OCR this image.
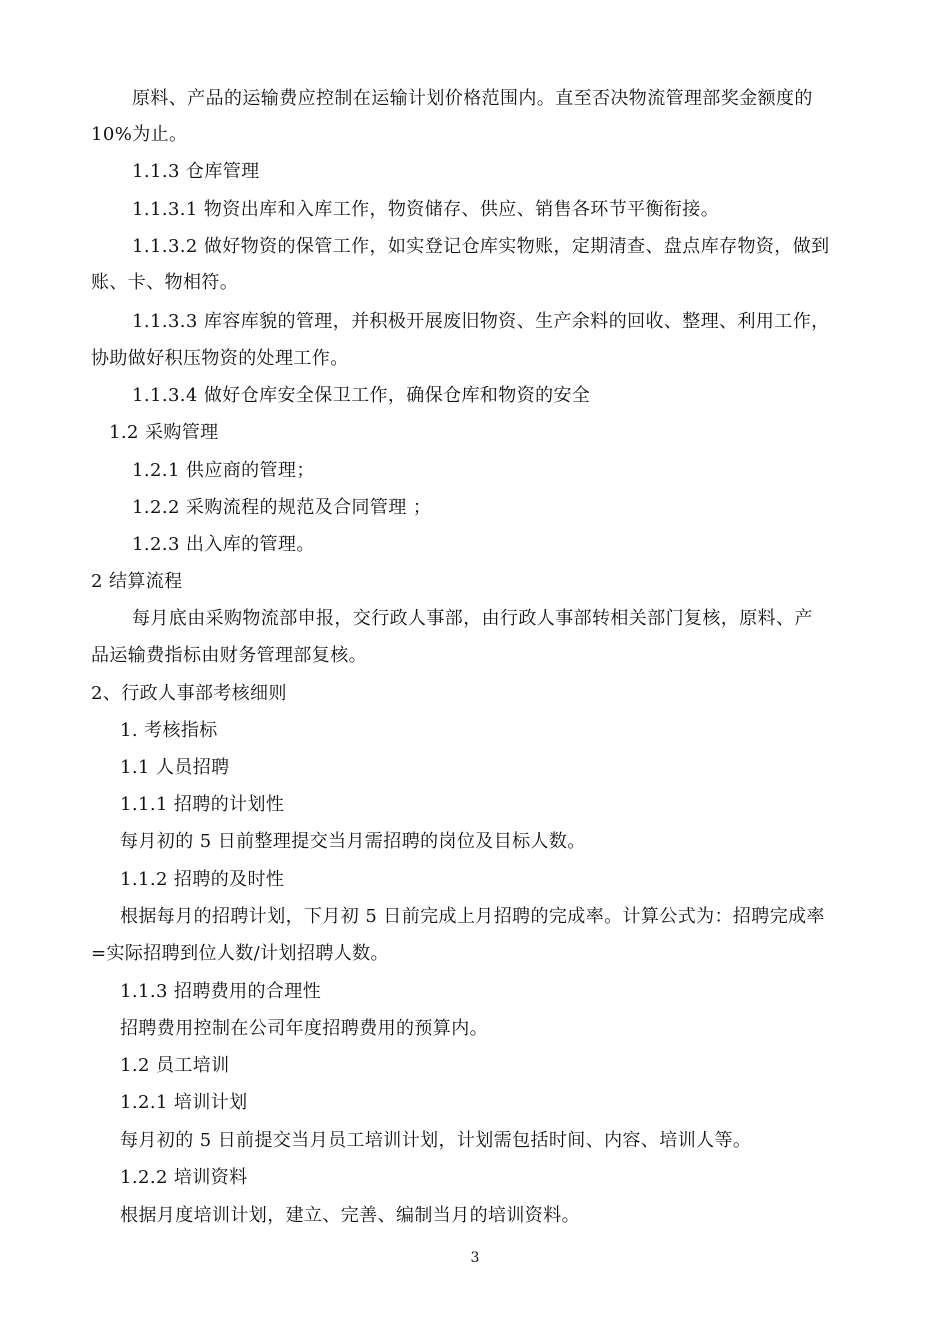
原料、产品的运输费应控制在运输计划价格范围内。直至否决物流管理部奖金额度的
10%为止。
1.1.3 仓库管理
1.1.3.1 物资出库和入库工作，物资储存、供应、销售各环节平衡衔接。
1.1.3.2 做好物资的保管工作，如实登记仓库实物账，定期清查、盘点库存物资，做到
账、卡、物相符。
1.1.3.3 库容库貌的管理，并积极开展废旧物资、生产余料的回收、整理、利用工作，
协助做好积压物资的处理工作。
1.1.3.4 做好仓库安全保卫工作，确保仓库和物资的安全
1.2 采购管理
1.2.1 供应商的管理；
1.2.2 采购流程的规范及合同管理 ；
1.2.3 出入库的管理。
2 结算流程
每月底由采购物流部申报，交行政人事部，由行政人事部转相关部门复核，原料、产
品运输费指标由财务管理部复核。
2、行政人事部考核细则
1. 考核指标
1.1 人员招聘
1.1.1 招聘的计划性
每月初的 5 日前整理提交当月需招聘的岗位及目标人数。
1.1.2 招聘的及时性
根据每月的招聘计划，下月初 5 日前完成上月招聘的完成率。计算公式为：招聘完成率
=实际招聘到位人数/计划招聘人数。
1.1.3 招聘费用的合理性
招聘费用控制在公司年度招聘费用的预算内。
1.2 员工培训
1.2.1 培训计划
每月初的 5 日前提交当月员工培训计划，计划需包括时间、内容、培训人等。
1.2.2 培训资料
根据月度培训计划，建立、完善、编制当月的培训资料。
3
